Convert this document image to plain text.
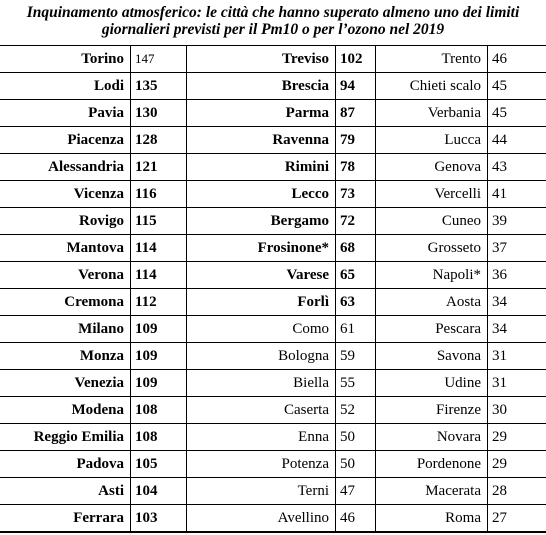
Inquinamento atmosferico: le città che hanno superato almeno uno dei limiti
giornalieri previsti per il Pm10 o per l’ozono nel 2019
Torino 147	Treviso 102	Trento 46
Lodi 135	Brescia 94	Chieti scalo 45
Pavia 130	Parma 87	Verbania 45
Piacenza 128	Ravenna 79	Lucca 44
Alessandria 121	Rimini 78	Genova 43
Vicenza 116	Lecco 73	Vercelli 41
Rovigo 115	Bergamo 72	Cuneo 39
Mantova 114	Frosinone* 68	Grosseto 37
Verona 114	Varese 65	Napoli* 36
Cremona 112	Forlì 63	Aosta 34
Milano 109	Como 61	Pescara 34
Monza 109	Bologna 59	Savona 31
Venezia 109	Biella 55	Udine 31
Modena 108	Caserta 52	Firenze 30
Reggio Emilia 108	Enna 50	Novara 29
Padova 105	Potenza 50	Pordenone 29
Asti 104	Terni 47	Macerata 28
Ferrara 103	Avellino 46	Roma 27
